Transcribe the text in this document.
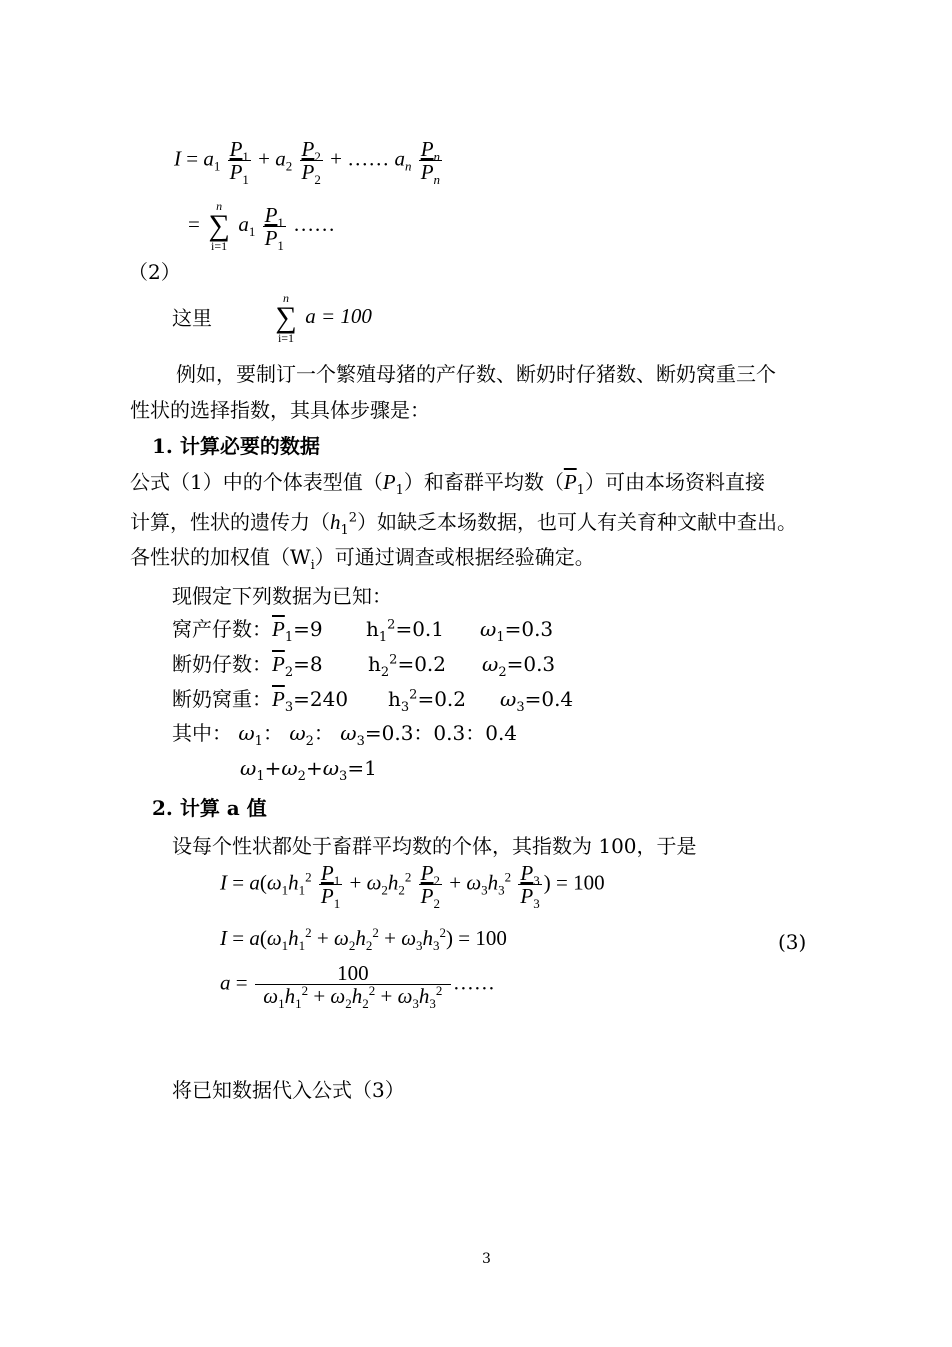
$I = a_1 \frac{P_1}{\overline{P}_1} + a_2 \frac{P_2}{\overline{P}_2}$ + …… $a_n \frac{P_n}{\overline{P}_n}$
=
n
∑
i=1
$a_1 \frac{P_1}{\overline{P}_1}$ ……
（2）
这里
n
∑
i=1
a = 100
例如，要制订一个繁殖母猪的产仔数、断奶时仔猪数、断奶窝重三个
性状的选择指数，其具体步骤是：
1. 计算必要的数据
公式（1）中的个体表型值$(P_1)$和畜群平均数$(\overline{P}_1)$可由本场资料直接
计算，性状的遗传力$(h_1^2)$如缺乏本场数据，也可人有关育种文献中查出。
各性状的加权值$(W_i)$可通过调查或根据经验确定。
现假定下列数据为已知：
窝产仔数：$\overline{P}_1=9$ $h_1^2=0.1$ $\omega_1=0.3$
断奶仔数：$\overline{P}_2=8$ $h_2^2=0.2$ $\omega_2=0.3$
断奶窝重：$\overline{P}_3=240$ $h_3^2=0.2$ $\omega_3=0.4$
其中： $\omega_1$： $\omega_2$： $\omega_3=0.3$：0.3：0.4
$\omega_1+\omega_2+\omega_3=1$
2. 计算 a 值
设每个性状都处于畜群平均数的个体，其指数为 100，于是
$I = a(\omega_1h_1^2 \frac{P_1}{\overline{P}_1} + \omega_2h_2^2 \frac{P_2}{\overline{P}_2} + \omega_3h_3^2 \frac{P_3}{\overline{P}_3}$ ) = 100
$I = a(\omega_1h_1^2 + \omega_2h_2^2 + \omega_3h_3^2) = 100$	(3)
$a = \frac{100}{\omega_1h_1^2 + \omega_2h_2^2 + \omega_3h_3^2}$ ……
将已知数据代入公式（3）
3
